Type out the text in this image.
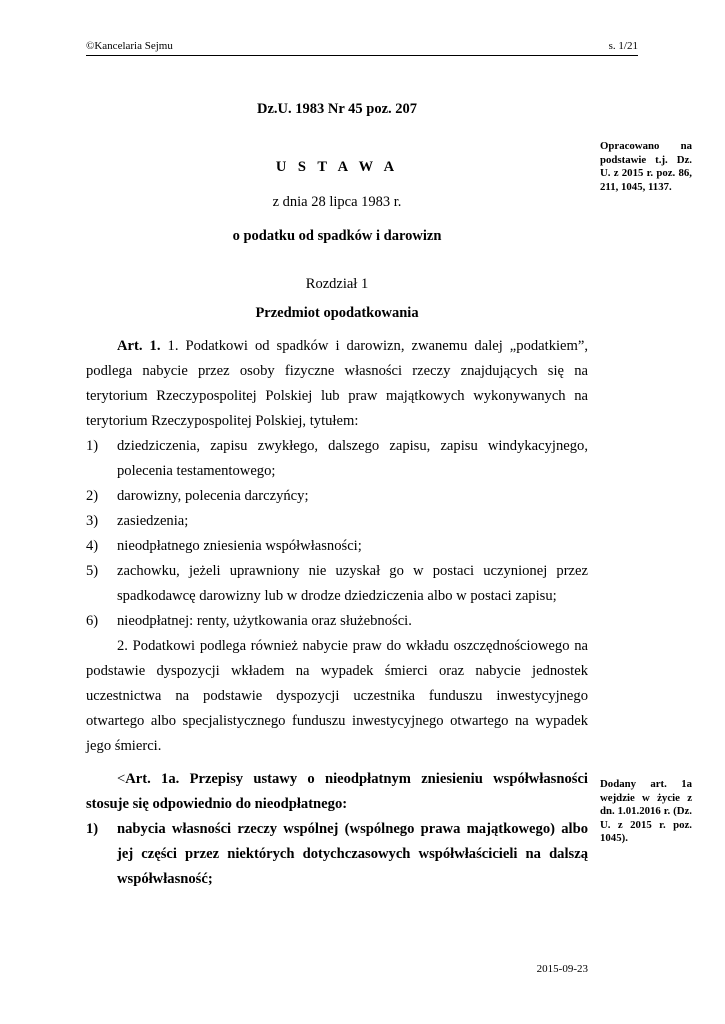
©Kancelaria Sejmu	s. 1/21
Dz.U. 1983 Nr 45 poz. 207
U S T A W A
z dnia 28 lipca 1983 r.
o podatku od spadków i darowizn
Rozdział 1
Przedmiot opodatkowania
Opracowano na podstawie t.j. Dz. U. z 2015 r. poz. 86, 211, 1045, 1137.

Art. 1. 1. Podatkowi od spadków i darowizn, zwanemu dalej „podatkiem”, podlega nabycie przez osoby fizyczne własności rzeczy znajdujących się na terytorium Rzeczypospolitej Polskiej lub praw majątkowych wykonywanych na terytorium Rzeczypospolitej Polskiej, tytułem:

1) dziedziczenia, zapisu zwykłego, dalszego zapisu, zapisu windykacyjnego, polecenia testamentowego;
2) darowizny, polecenia darczyńcy;
3) zasiedzenia;
4) nieodpłatnego zniesienia współwłasności;
5) zachowku, jeżeli uprawniony nie uzyskał go w postaci uczynionej przez spadkodawcę darowizny lub w drodze dziedziczenia albo w postaci zapisu;
6) nieodpłatnej: renty, użytkowania oraz służebności.

2. Podatkowi podlega również nabycie praw do wkładu oszczędnościowego na podstawie dyspozycji wkładem na wypadek śmierci oraz nabycie jednostek uczestnictwa na podstawie dyspozycji uczestnika funduszu inwestycyjnego otwartego albo specjalistycznego funduszu inwestycyjnego otwartego na wypadek jego śmierci.

<Art. 1a. Przepisy ustawy o nieodpłatnym zniesieniu współwłasności stosuje się odpowiednio do nieodpłatnego:

1) nabycia własności rzeczy wspólnej (wspólnego prawa majątkowego) albo jej części przez niektórych dotychczasowych współwłaścicieli na dalszą współwłasność;
Dodany art. 1a wejdzie w życie z dn. 1.01.2016 r. (Dz. U. z 2015 r. poz. 1045).
2015-09-23
